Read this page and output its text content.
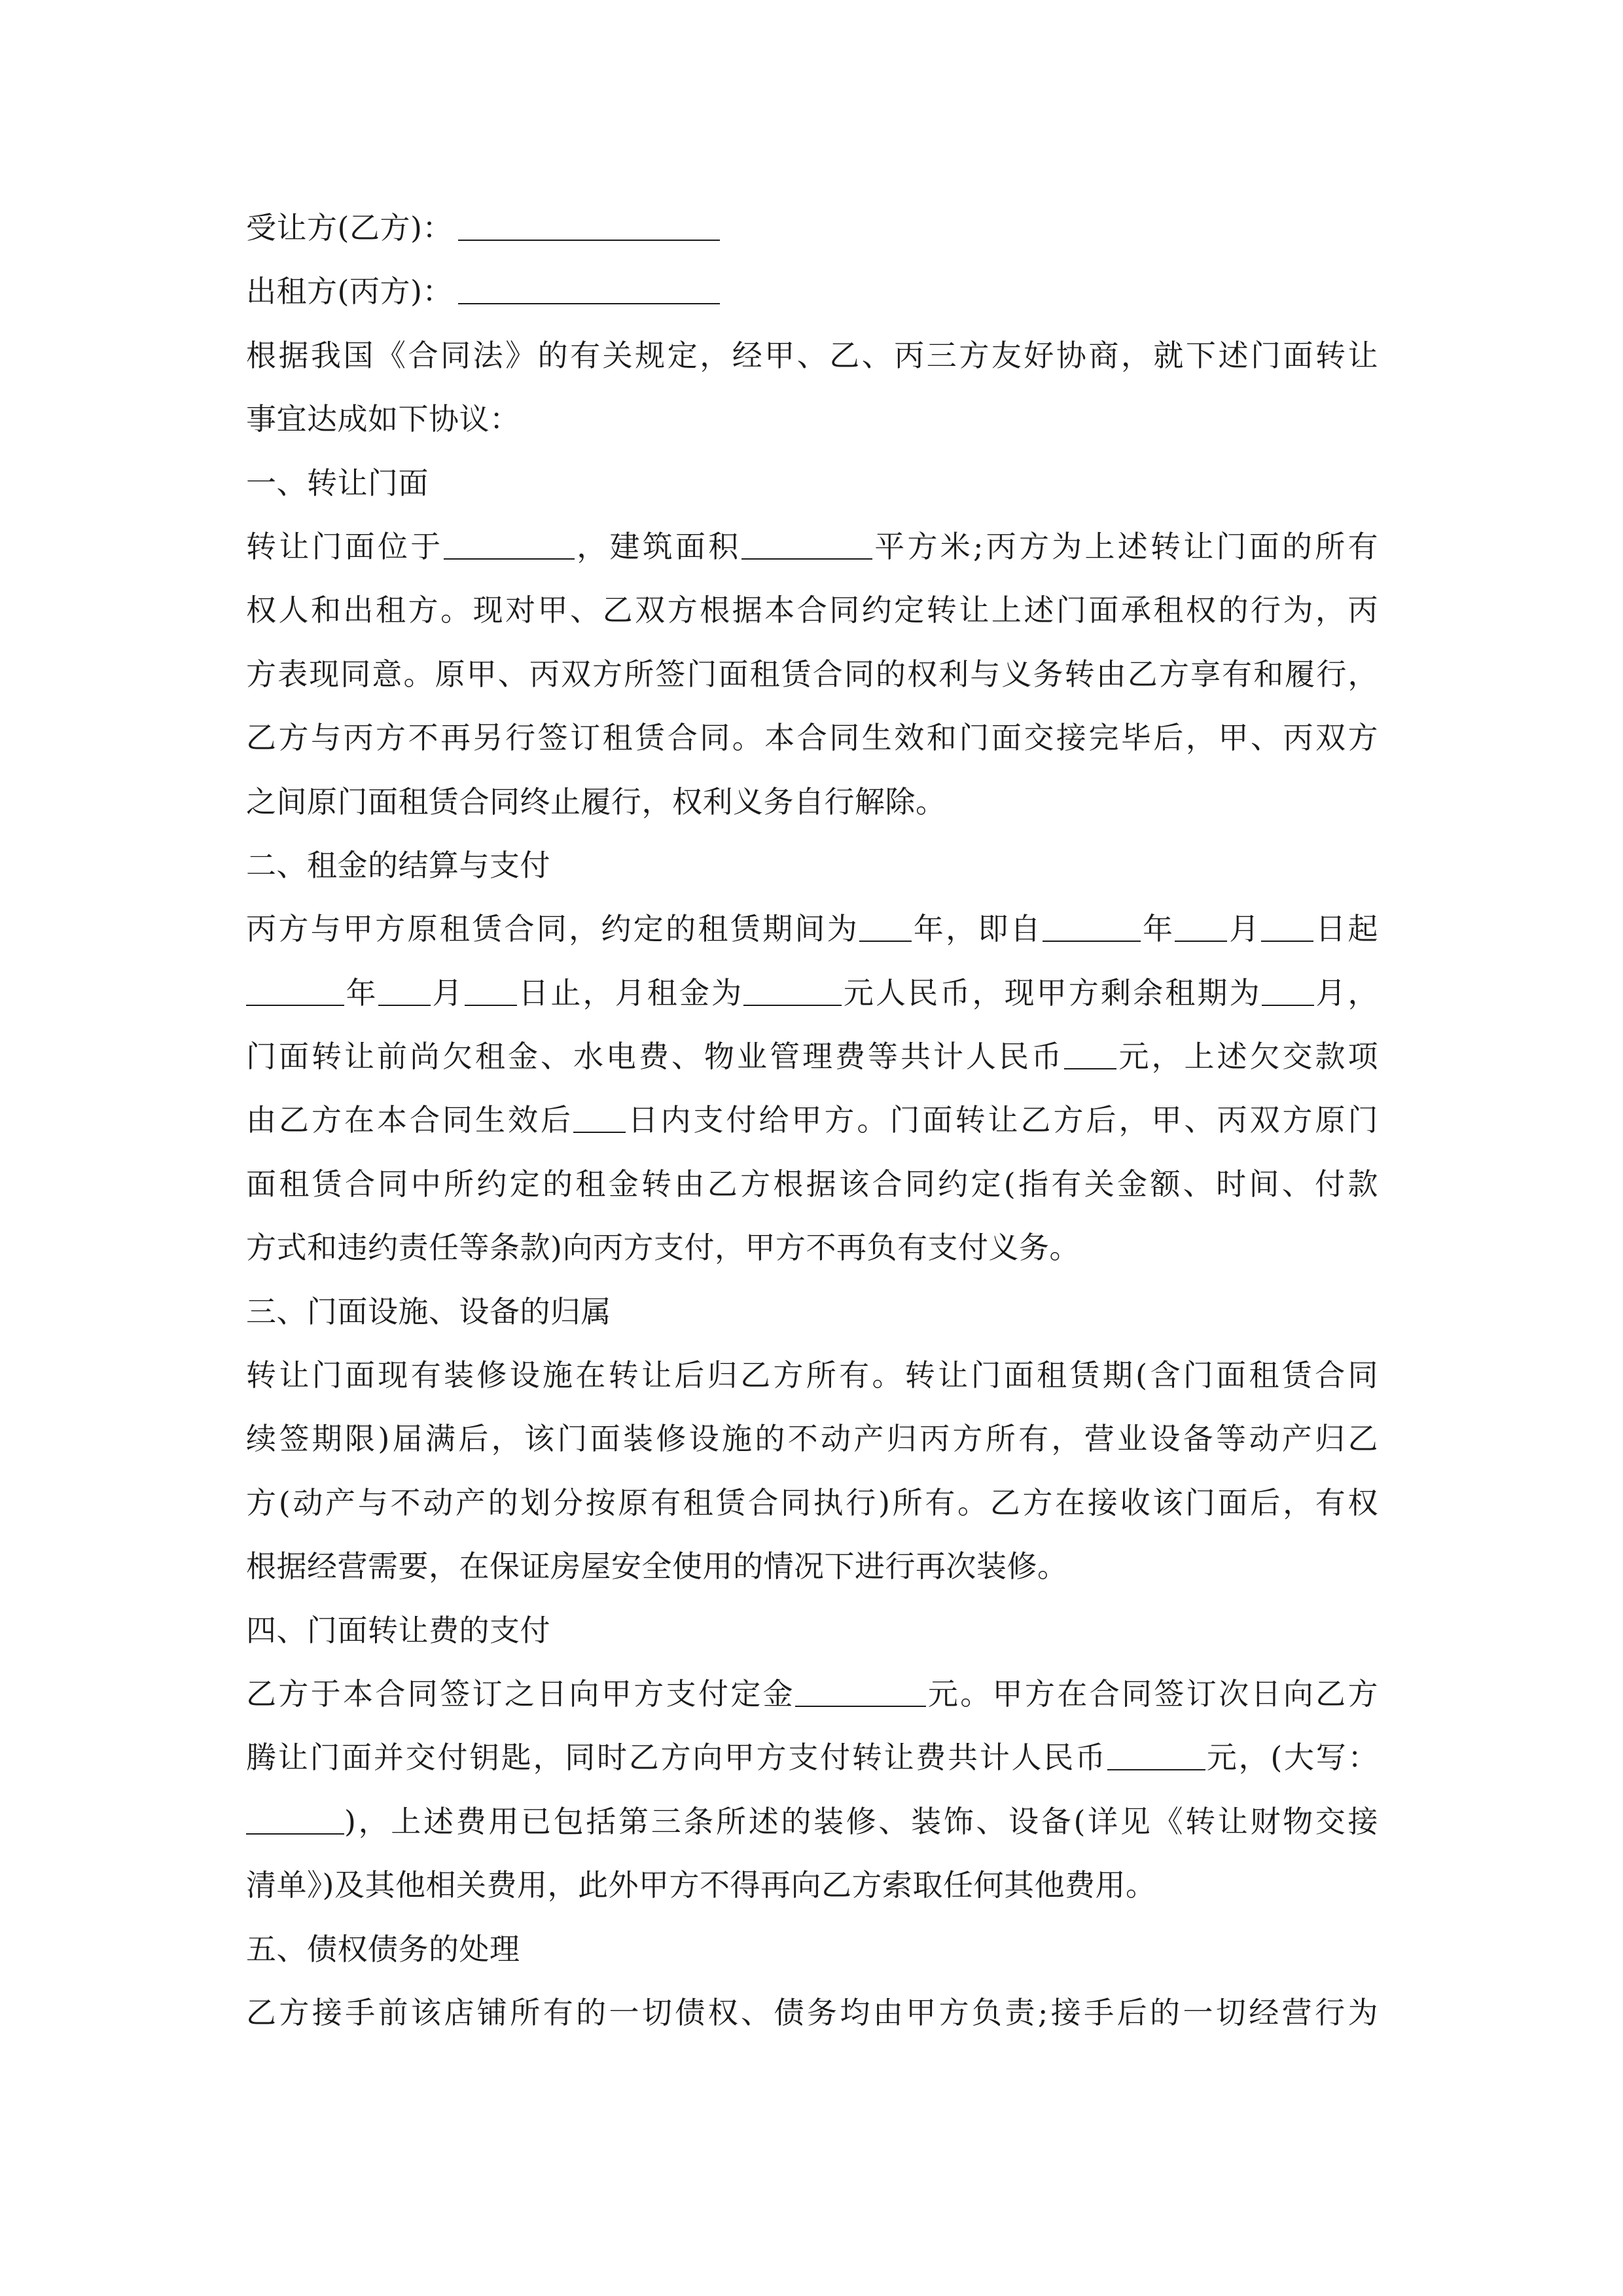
受让方(乙方)：
出租方(丙方)：
根据我国《合同法》的有关规定，经甲、乙、丙三方友好协商，就下述门面转让
事宜达成如下协议：
一、转让门面
转让门面位于	，建筑面积	平方米;丙方为上述转让门面的所有
权人和出租方。现对甲、乙双方根据本合同约定转让上述门面承租权的行为，丙
方表现同意。原甲、丙双方所签门面租赁合同的权利与义务转由乙方享有和履行，
乙方与丙方不再另行签订租赁合同。本合同生效和门面交接完毕后，甲、丙双方
之间原门面租赁合同终止履行，权利义务自行解除。
二、租金的结算与支付
丙方与甲方原租赁合同，约定的租赁期间为 年，即自	年 月 日起
年 月 日止，月租金为	元人民币，现甲方剩余租期为 月，
门面转让前尚欠租金、水电费、物业管理费等共计人民币 元，上述欠交款项
由乙方在本合同生效后 日内支付给甲方。门面转让乙方后，甲、丙双方原门
面租赁合同中所约定的租金转由乙方根据该合同约定(指有关金额、时间、付款
方式和违约责任等条款)向丙方支付，甲方不再负有支付义务。
三、门面设施、设备的归属
转让门面现有装修设施在转让后归乙方所有。转让门面租赁期(含门面租赁合同
续签期限)届满后，该门面装修设施的不动产归丙方所有，营业设备等动产归乙
方(动产与不动产的划分按原有租赁合同执行)所有。乙方在接收该门面后，有权
根据经营需要，在保证房屋安全使用的情况下进行再次装修。
四、门面转让费的支付
乙方于本合同签订之日向甲方支付定金	元。甲方在合同签订次日向乙方
腾让门面并交付钥匙，同时乙方向甲方支付转让费共计人民币	元，(大写：
)，上述费用已包括第三条所述的装修、装饰、设备(详见《转让财物交接
清单》)及其他相关费用，此外甲方不得再向乙方索取任何其他费用。
五、债权债务的处理
乙方接手前该店铺所有的一切债权、债务均由甲方负责;接手后的一切经营行为
